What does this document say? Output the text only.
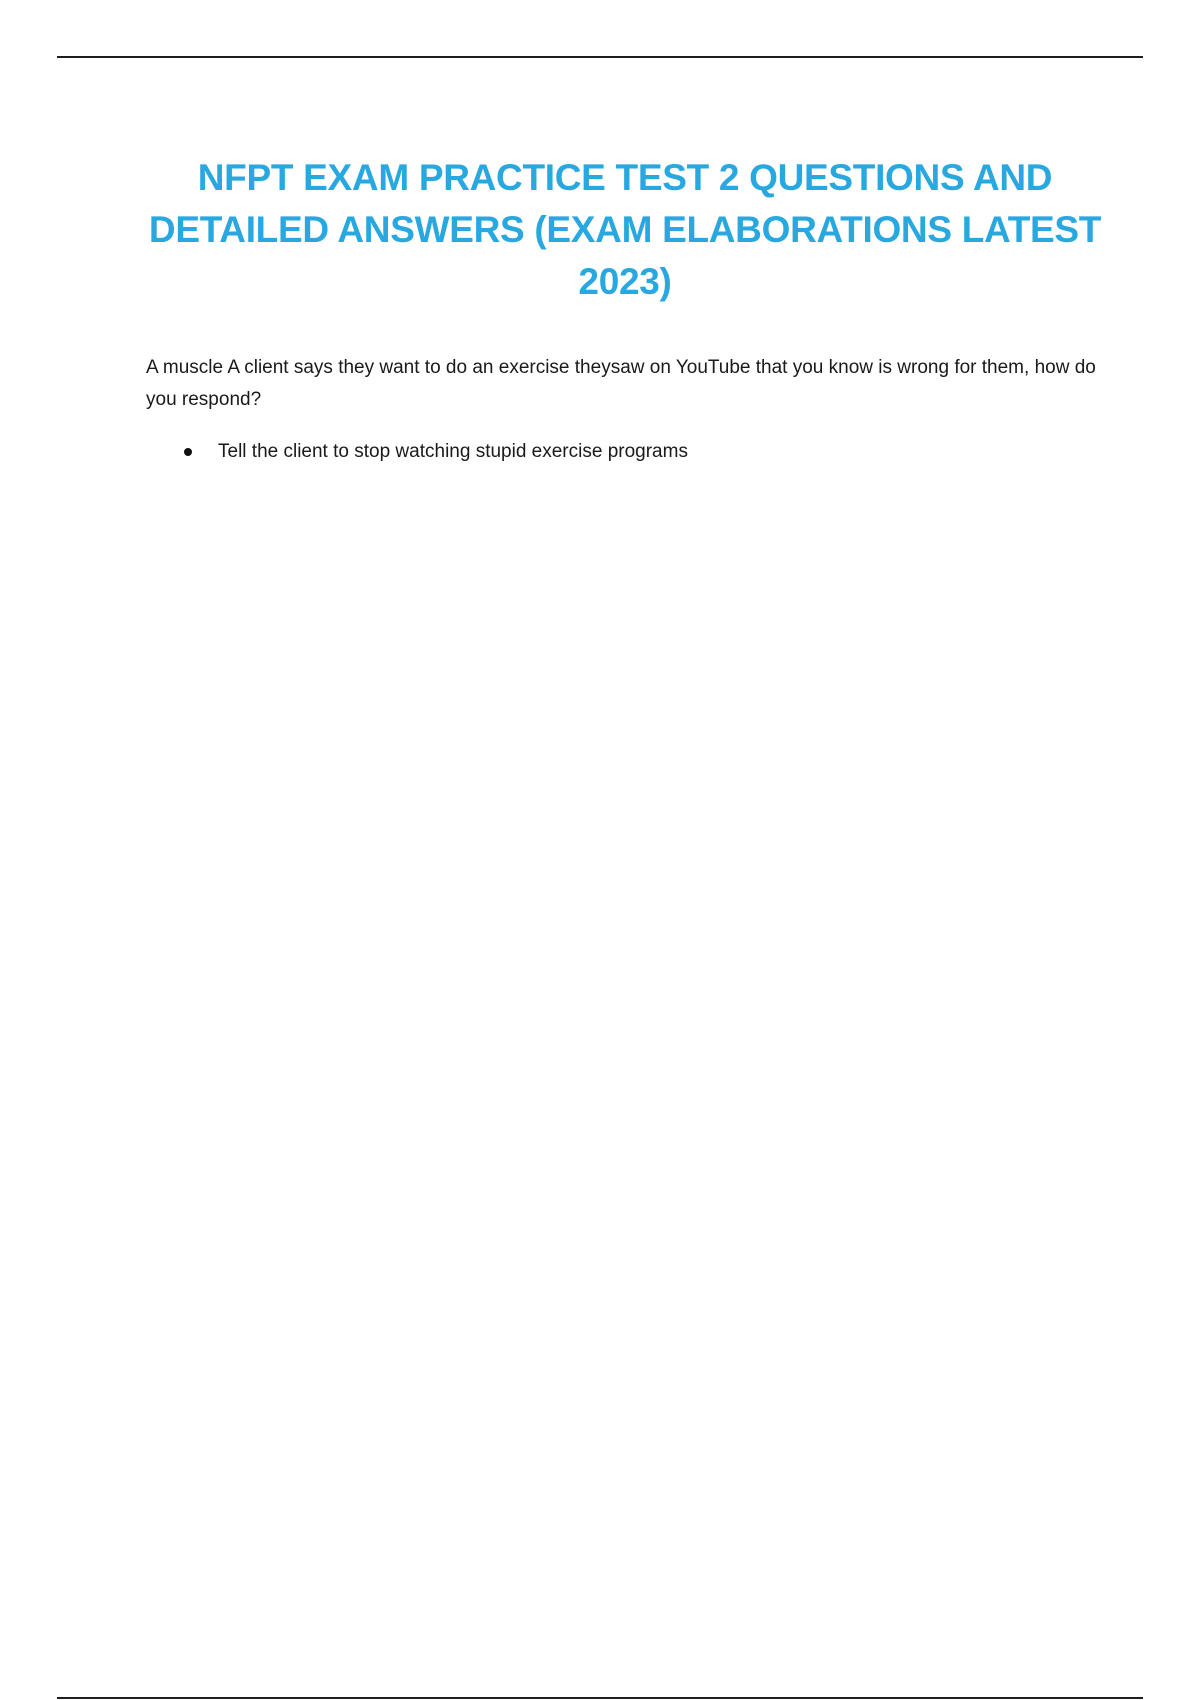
NFPT EXAM PRACTICE TEST 2 QUESTIONS AND DETAILED ANSWERS (EXAM ELABORATIONS LATEST 2023)

A muscle A client says they want to do an exercise theysaw on YouTube that you know is wrong for them, how do you respond?

Tell the client to stop watching stupid exercise programs
